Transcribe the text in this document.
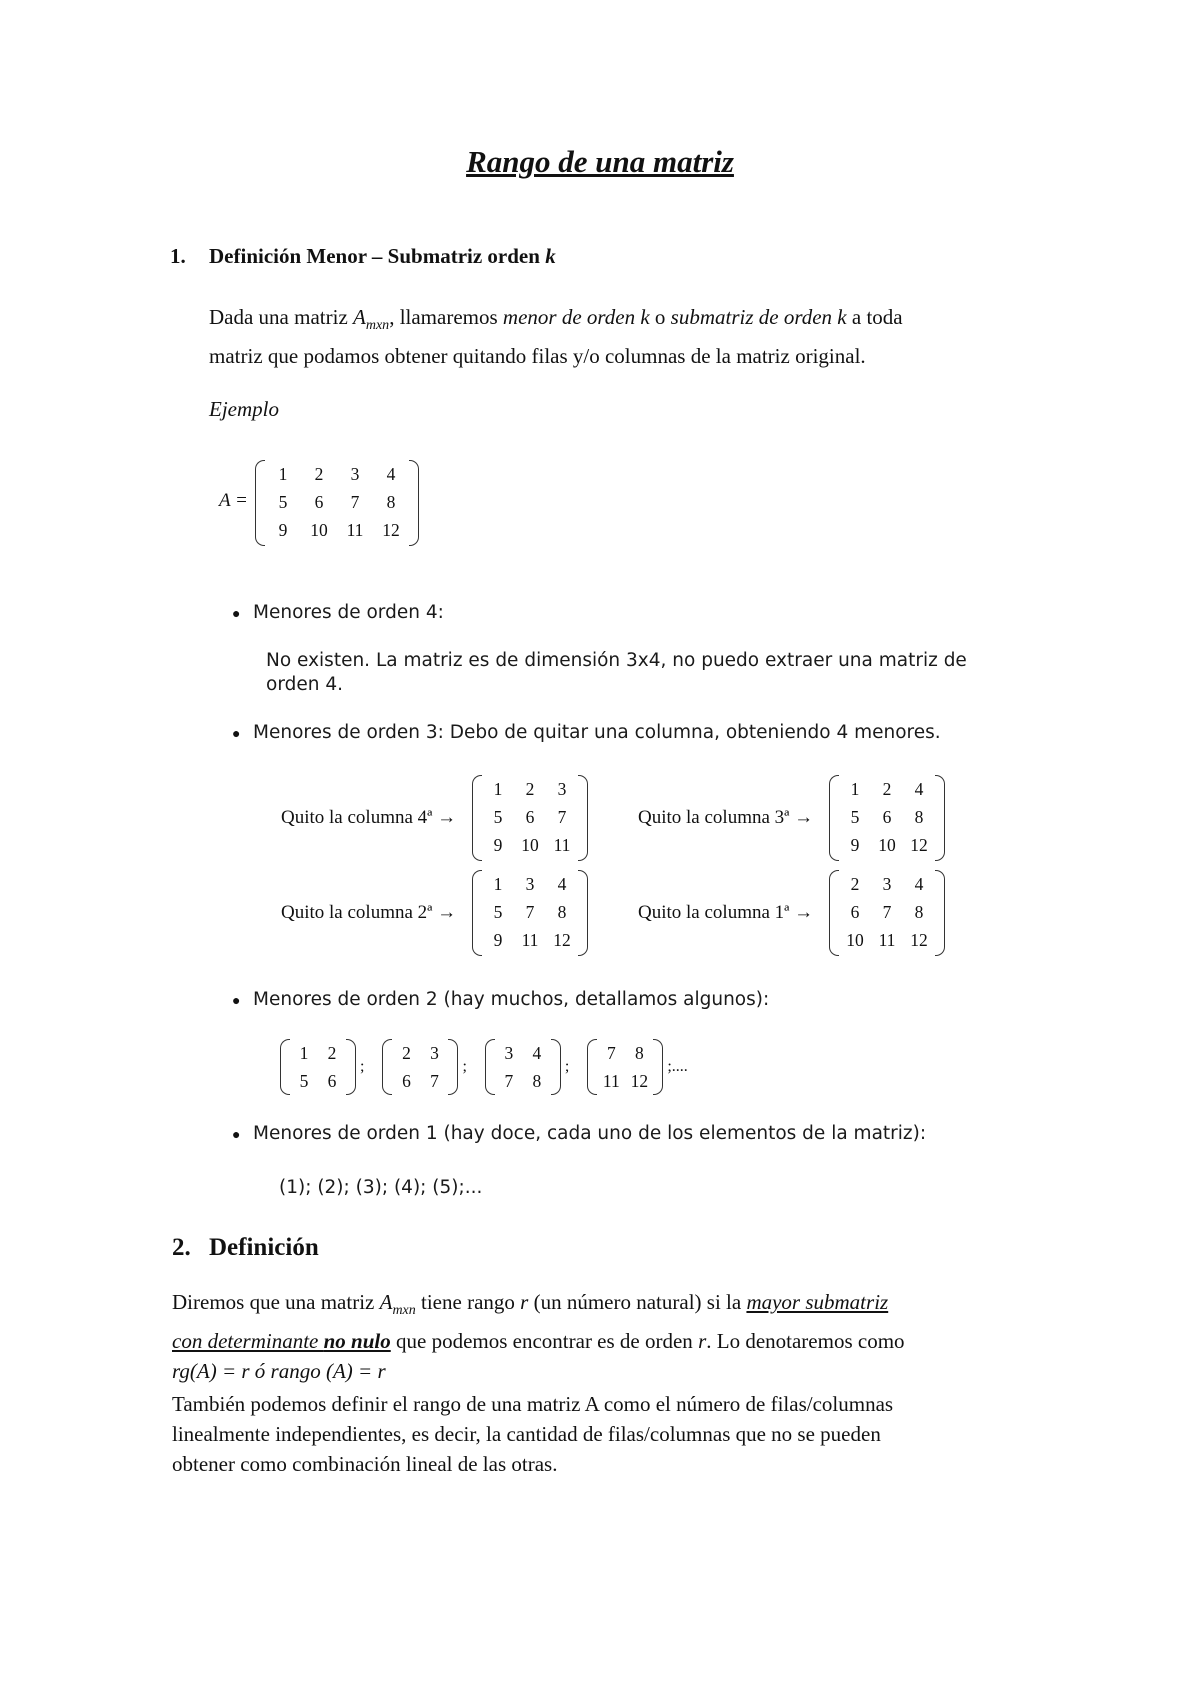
Rango de una matriz
1. Definición Menor – Submatriz orden k
Dada una matriz $A_{mxn}$, llamaremos menor de orden k o submatriz de orden k a toda
matriz que podamos obtener quitando filas y/o columnas de la matriz original.
Ejemplo
A =
1	2	3	4
5	6	7	8
9	10	11	12
● Menores de orden 4:
No existen. La matriz es de dimensión 3x4, no puedo extraer una matriz de
orden 4.
● Menores de orden 3: Debo de quitar una columna, obteniendo 4 menores.
Quito la columna 4ª →
1	2	3
5	6	7
9	10 11
Quito la columna 3ª →
1	2	4
5	6	8
9	10 12
Quito la columna 2ª →
1	3	4
5	7	8
9	11 12
Quito la columna 1ª →
2	3	4
6	7	8
10 11 12
● Menores de orden 2 (hay muchos, detallamos algunos):
1	2
5	6
;
2	3
6	7
;
3	4
7	8
;
7	8
11 12
;....
● Menores de orden 1 (hay doce, cada uno de los elementos de la matriz):
(1); (2); (3); (4); (5);...
2. Definición
Diremos que una matriz $A_{mxn}$ tiene rango r (un número natural) si la mayor submatriz
con determinante no nulo que podemos encontrar es de orden r. Lo denotaremos como
rg(A) = r ó rango (A) = r
También podemos definir el rango de una matriz A como el número de filas/columnas
linealmente independientes, es decir, la cantidad de filas/columnas que no se pueden
obtener como combinación lineal de las otras.
